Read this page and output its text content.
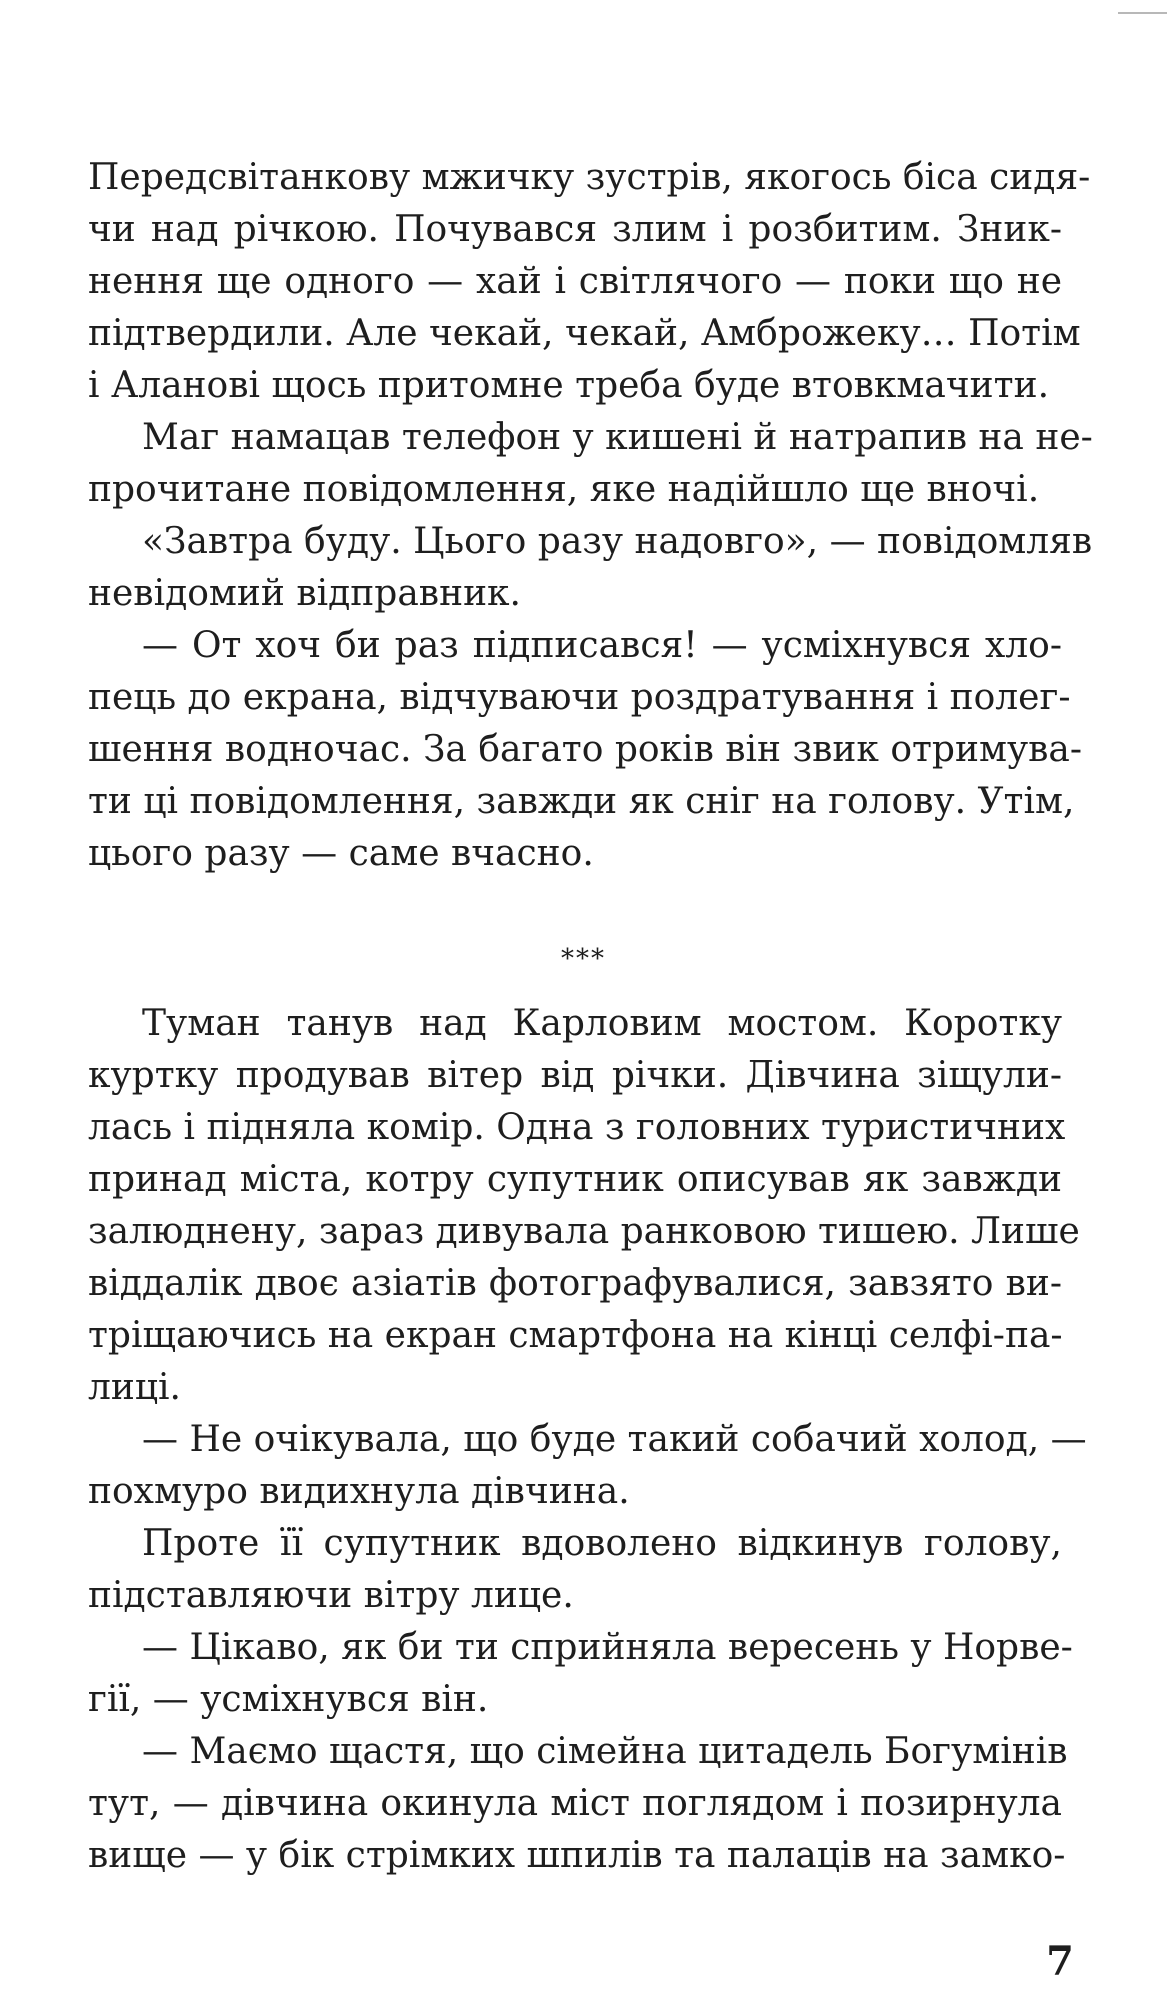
Передсвітанкову мжичку зустрів, якогось біса сидя-
чи над річкою. Почувався злим і розбитим. Зник-
нення ще одного — хай і світлячого — поки що не
підтвердили. Але чекай, чекай, Амброжеку… Потім
і Аланові щось притомне треба буде втовкмачити.
Маг намацав телефон у кишені й натрапив на не-
прочитане повідомлення, яке надійшло ще вночі.
«Завтра буду. Цього разу надовго», — повідомляв
невідомий відправник.
— От хоч би раз підписався! — усміхнувся хло-
пець до екрана, відчуваючи роздратування і полег-
шення водночас. За багато років він звик отримува-
ти ці повідомлення, завжди як сніг на голову. Утім,
цього разу — саме вчасно.
***
Туман танув над Карловим мостом. Коротку
куртку продував вітер від річки. Дівчина зіщули-
лась і підняла комір. Одна з головних туристичних
принад міста, котру супутник описував як завжди
залюднену, зараз дивувала ранковою тишею. Лише
віддалік двоє азіатів фотографувалися, завзято ви-
тріщаючись на екран смартфона на кінці селфі-па-
лиці.
— Не очікувала, що буде такий собачий холод, —
похмуро видихнула дівчина.
Проте її супутник вдоволено відкинув голову,
підставляючи вітру лице.
— Цікаво, як би ти сприйняла вересень у Норве-
гії, — усміхнувся він.
— Маємо щастя, що сімейна цитадель Богумінів
тут, — дівчина окинула міст поглядом і позирнула
вище — у бік стрімких шпилів та палаців на замко-
7
